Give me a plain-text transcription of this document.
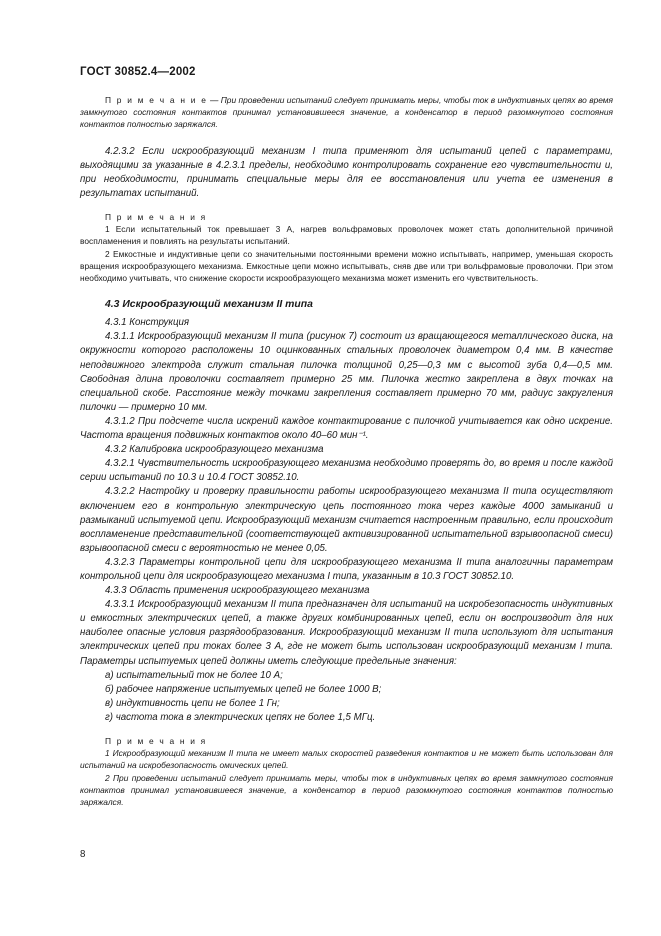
ГОСТ 30852.4—2002

П р и м е ч а н и е — При проведении испытаний следует принимать меры, чтобы ток в индуктивных цепях во время замкнутого состояния контактов принимал установившееся значение, а конденсатор в период разомкнутого состояния контактов полностью заряжался.

4.2.3.2 Если искрообразующий механизм I типа применяют для испытаний цепей с параметрами, выходящими за указанные в 4.2.3.1 пределы, необходимо контролировать сохранение его чувствительности и, при необходимости, принимать специальные меры для ее восстановления или учета ее изменения в результатах испытаний.

П р и м е ч а н и я

1 Если испытательный ток превышает 3 А, нагрев вольфрамовых проволочек может стать дополнительной причиной воспламенения и повлиять на результаты испытаний.

2 Емкостные и индуктивные цепи со значительными постоянными времени можно испытывать, например, уменьшая скорость вращения искрообразующего механизма. Емкостные цепи можно испытывать, сняв две или три вольфрамовые проволочки. При этом необходимо учитывать, что снижение скорости искрообразующего механизма может изменить его чувствительность.

4.3 Искрообразующий механизм II типа

4.3.1 Конструкция

4.3.1.1 Искрообразующий механизм II типа (рисунок 7) состоит из вращающегося металлического диска, на окружности которого расположены 10 оцинкованных стальных проволочек диаметром 0,4 мм. В качестве неподвижного электрода служит стальная пилочка толщиной 0,25—0,3 мм с высотой зуба 0,4—0,5 мм. Свободная длина проволочки составляет примерно 25 мм. Пилочка жестко закреплена в двух точках на специальной скобе. Расстояние между точками закрепления составляет примерно 70 мм, радиус закругления пилочки — примерно 10 мм.

4.3.1.2 При подсчете числа искрений каждое контактирование с пилочкой учитывается как одно искрение. Частота вращения подвижных контактов около 40–60 мин⁻¹.

4.3.2 Калибровка искрообразующего механизма

4.3.2.1 Чувствительность искрообразующего механизма необходимо проверять до, во время и после каждой серии испытаний по 10.3 и 10.4 ГОСТ 30852.10.

4.3.2.2 Настройку и проверку правильности работы искрообразующего механизма II типа осуществляют включением его в контрольную электрическую цепь постоянного тока через каждые 4000 замыканий и размыканий испытуемой цепи. Искрообразующий механизм считается настроенным правильно, если происходит воспламенение представительной (соответствующей активизированной испытательной взрывоопасной смеси) взрывоопасной смеси с вероятностью не менее 0,05.

4.3.2.3 Параметры контрольной цепи для искрообразующего механизма II типа аналогичны параметрам контрольной цепи для искрообразующего механизма I типа, указанным в 10.3 ГОСТ 30852.10.

4.3.3 Область применения искрообразующего механизма

4.3.3.1 Искрообразующий механизм II типа предназначен для испытаний на искробезопасность индуктивных и емкостных электрических цепей, а также других комбинированных цепей, если он воспроизводит для них наиболее опасные условия разрядообразования. Искрообразующий механизм II типа используют для испытания электрических цепей при токах более 3 А, где не может быть использован искрообразующий механизм I типа. Параметры испытуемых цепей должны иметь следующие предельные значения:

а) испытательный ток не более 10 А;
б) рабочее напряжение испытуемых цепей не более 1000 В;
в) индуктивность цепи не более 1 Гн;
г) частота тока в электрических цепях не более 1,5 МГц.

П р и м е ч а н и я

1 Искрообразующий механизм II типа не имеет малых скоростей разведения контактов и не может быть использован для испытаний на искробезопасность омических цепей.

2 При проведении испытаний следует принимать меры, чтобы ток в индуктивных цепях во время замкнутого состояния контактов принимал установившееся значение, а конденсатор в период разомкнутого состояния контактов полностью заряжался.

8
